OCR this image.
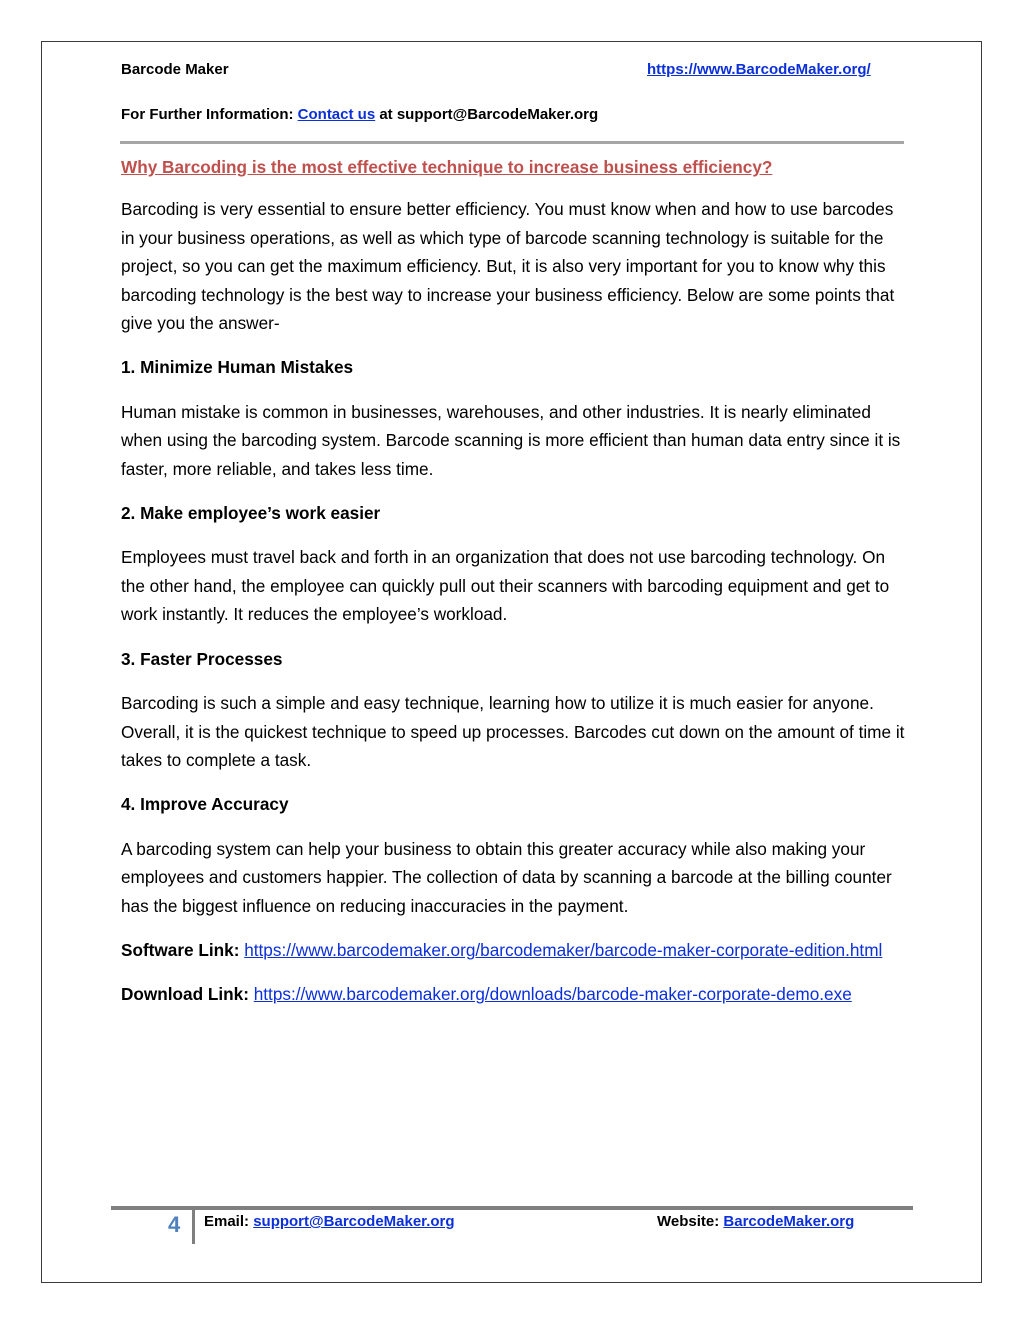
Barcode Maker	https://www.BarcodeMaker.org/
For Further Information: Contact us at support@BarcodeMaker.org

Why Barcoding is the most effective technique to increase business efficiency?

Barcoding is very essential to ensure better efficiency. You must know when and how to use barcodes in your business operations, as well as which type of barcode scanning technology is suitable for the project, so you can get the maximum efficiency. But, it is also very important for you to know why this barcoding technology is the best way to increase your business efficiency. Below are some points that give you the answer-

1. Minimize Human Mistakes

Human mistake is common in businesses, warehouses, and other industries. It is nearly eliminated when using the barcoding system. Barcode scanning is more efficient than human data entry since it is faster, more reliable, and takes less time.

2. Make employee’s work easier

Employees must travel back and forth in an organization that does not use barcoding technology. On the other hand, the employee can quickly pull out their scanners with barcoding equipment and get to work instantly. It reduces the employee’s workload.

3. Faster Processes

Barcoding is such a simple and easy technique, learning how to utilize it is much easier for anyone. Overall, it is the quickest technique to speed up processes. Barcodes cut down on the amount of time it takes to complete a task.

4. Improve Accuracy

A barcoding system can help your business to obtain this greater accuracy while also making your employees and customers happier. The collection of data by scanning a barcode at the billing counter has the biggest influence on reducing inaccuracies in the payment.

Software Link: https://www.barcodemaker.org/barcodemaker/barcode-maker-corporate-edition.html

Download Link: https://www.barcodemaker.org/downloads/barcode-maker-corporate-demo.exe

4 Email: support@BarcodeMaker.org	Website: BarcodeMaker.org
